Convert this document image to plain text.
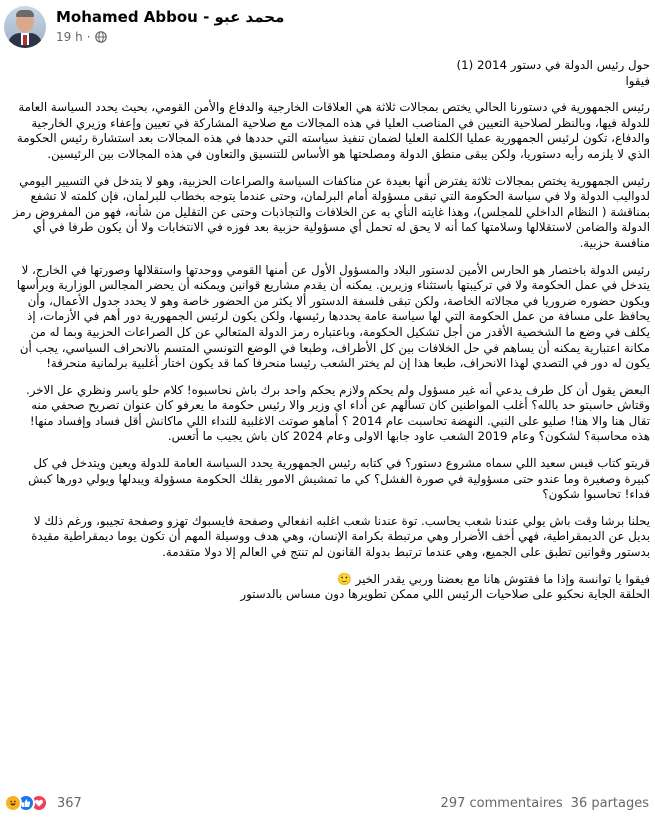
Mohamed Abbou - محمد عبو
19 h ·

حول رئيس الدولة في دستور 2014 (1)

فيقوا

رئيس الجمهورية في دستورنا الحالي يختص بمجالات ثلاثة هي العلاقات الخارجية والدفاع والأمن القومي، بحيث يحدد السياسة العامة للدولة فيها، وبالنظر لصلاحية التعيين في المناصب العليا في هذه المجالات مع صلاحية المشاركة في تعيين وإعفاء وزيري الخارجية والدفاع، تكون لرئيس الجمهورية عمليا الكلمة العليا لضمان تنفيذ سياسته التي حددها في هذه المجالات بعد استشارة رئيس الحكومة الذي لا يلزمه رأيه دستوريا، ولكن يبقى منطق الدولة ومصلحتها هو الأساس للتنسيق والتعاون في هذه المجالات بين الرئيسين.

رئيس الجمهورية يختص بمجالات ثلاثة يفترض أنها بعيدة عن مناكفات السياسة والصراعات الحزبية، وهو لا يتدخل في التسيير اليومي لدواليب الدولة ولا في سياسة الحكومة التي تبقى مسؤولة أمام البرلمان، وحتى عندما يتوجه بخطاب للبرلمان، فإن كلمته لا تشفع بمناقشة ( النظام الداخلي للمجلس)، وهذا غايته النأي به عن الخلافات والتجاذبات وحتى عن التقليل من شأنه، فهو من المفروض رمز الدولة والضامن لاستقلالها وسلامتها كما أنه لا يحق له تحمل أي مسؤولية حزبية بعد فوزه في الانتخابات ولا أن يكون طرفا في أي منافسة حزبية.

رئيس الدولة باختصار هو الحارس الأمين لدستور البلاد والمسؤول الأول عن أمنها القومي ووحدتها واستقلالها وصورتها في الخارج، لا يتدخل في عمل الحكومة ولا في تركيبتها باستثناء وزيرين. يمكنه أن يقدم مشاريع قوانين ويمكنه أن يحضر المجالس الوزارية ويرأسها ويكون حضوره ضروريا في مجالاته الخاصة، ولكن تبقى فلسفة الدستور ألا يكثر من الحضور خاصة وهو لا يحدد جدول الأعمال، وأن يحافظ على مسافة من عمل الحكومة التي لها سياسة عامة يحددها رئيسها، ولكن يكون لرئيس الجمهورية دور أهم في الأزمات، إذ يكلف في وضع ما الشخصية الأقدر من أجل تشكيل الحكومة، وباعتباره رمز الدولة المتعالي عن كل الصراعات الحزبية وبما له من مكانة اعتبارية يمكنه أن يساهم في حل الخلافات بين كل الأطراف، وطبعا في الوضع التونسي المتسم بالانحراف السياسي، يجب أن يكون له دور في التصدي لهذا الانحراف، طبعا هذا إن لم يختر الشعب رئيسا منحرفا كما قد يكون اختار أغلبية برلمانية منحرفة!

البعض يقول أن كل طرف يدعي أنه غير مسؤول ولم يحكم ولازم يحكم واحد برك باش نحاسبوه! كلام حلو ياسر ونظري عل الاخر. وقتاش حاسبتو حد بالله؟ أغلب المواطنين كان تسألهم عن أداء اي وزير والا رئيس حكومة ما يعرفو كان عنوان تصريح صحفي منه تقال هنا والا هنا! صليو على النبي. النهضة تحاسبت عام 2014 ؟ أماهو صوتت الاغلبية للنداء اللي ماكانش أقل فساد وإفساد منها! هذه محاسبة؟ لشكون؟ وعام 2019 الشعب عاود جابها الاولى وعام 2024 كان باش يجيب ما أتعس.

قريتو كتاب قيس سعيد اللي سماه مشروع دستور؟ في كتابه رئيس الجمهورية يحدد السياسة العامة للدولة ويعين ويتدخل في كل كبيرة وصغيرة وما عندو حتى مسؤولية في صورة الفشل؟ كي ما تمشيش الامور يقلك الحكومة مسؤولة ويبدلها ويولي دورها كبش فداء! تحاسبوا شكون؟

يحلنا برشا وقت باش يولي عندنا شعب يحاسب. توة عندنا شعب اغلبه انفعالي وصفحة فايسبوك تهزو وصفحة تجيبو، ورغم ذلك لا بديل عن الديمقراطية، فهي أخف الأضرار وهي مرتبطة بكرامة الإنسان، وهي هدف ووسيلة المهم أن تكون يوما ديمقراطية مقيدة بدستور وقوانين تطبق على الجميع، وهي عندما ترتبط بدولة القانون لم تنتج في العالم إلا دولا متقدمة.

فيقوا يا توانسة وإذا ما فقتوش هانا مع بعضنا وربي يقدر الخير 🙂

الحلقة الجاية نحكيو على صلاحيات الرئيس اللي ممكن تطويرها دون مساس بالدستور

367	297 commentaires 36 partages
